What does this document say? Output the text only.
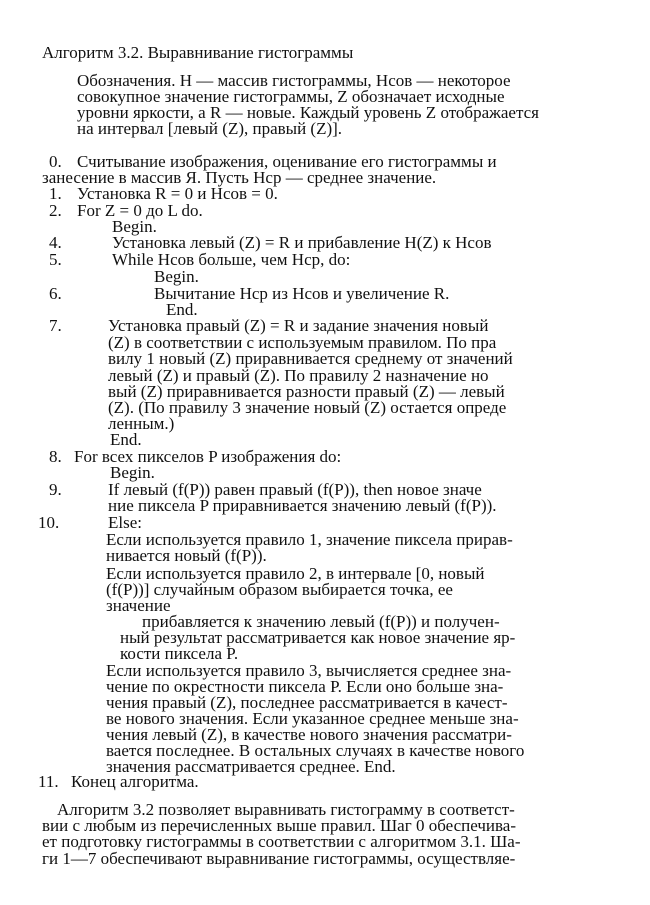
Алгоритм 3.2. Выравнивание гистограммы
Обозначения. H — массив гистограммы, Hсов — некоторое
совокупное значение гистограммы, Z обозначает исходные
уровни яркости, а R — новые. Каждый уровень Z отображается
на интервал [левый (Z), правый (Z)].
0. Считывание изображения, оценивание его гистограммы и
занесение в массив Я. Пусть Hср — среднее значение.
1. Установка R = 0 и Hсов = 0.
2. For Z = 0 до L do.
Begin.
4.	Установка левый (Z) = R и прибавление H(Z) к Hсов
5.	While Hсов больше, чем Hср, do:
Begin.
6.	Вычитание Hср из Hсов и увеличение R.
End.
7.	Установка правый (Z) = R и задание значения новый
(Z) в соответствии с используемым правилом. По пра
вилу 1 новый (Z) приравнивается среднему от значений
левый (Z) и правый (Z). По правилу 2 назначение но
вый (Z) приравнивается разности правый (Z) — левый
(Z). (По правилу 3 значение новый (Z) остается опреде
ленным.)
End.
8. For всех пикселов P изображения do:
Begin.
9.	If левый (f(P)) равен правый (f(P)), then новое значе
ние пиксела P приравнивается значению левый (f(P)).
10.	Else:
Если используется правило 1, значение пиксела прирав-
нивается новый (f(P)).
Если используется правило 2, в интервале [0, новый
(f(P))] случайным образом выбирается точка, ее
значение
прибавляется к значению левый (f(P)) и получен-
ный результат рассматривается как новое значение яр-
кости пиксела P.
Если используется правило 3, вычисляется среднее зна-
чение по окрестности пиксела P. Если оно больше зна-
чения правый (Z), последнее рассматривается в качест-
ве нового значения. Если указанное среднее меньше зна-
чения левый (Z), в качестве нового значения рассматри-
вается последнее. В остальных случаях в качестве нового
значения рассматривается среднее. End.
11. Конец алгоритма.
Алгоритм 3.2 позволяет выравнивать гистограмму в соответст-
вии с любым из перечисленных выше правил. Шаг 0 обеспечива-
ет подготовку гистограммы в соответствии с алгоритмом 3.1. Ша-
ги 1—7 обеспечивают выравнивание гистограммы, осуществляе-
